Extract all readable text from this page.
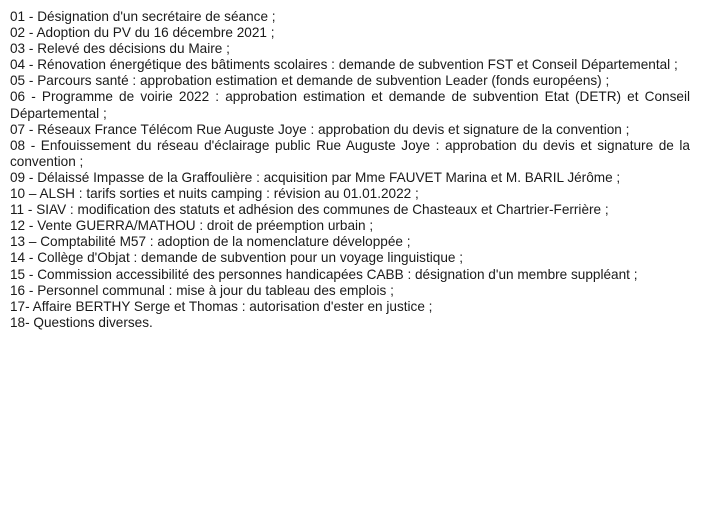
01 - Désignation d'un secrétaire de séance ;

02 - Adoption du PV du 16 décembre 2021 ;

03 - Relevé des décisions du Maire ;

04 - Rénovation énergétique des bâtiments scolaires : demande de subvention FST et Conseil Départemental ;

05 - Parcours santé : approbation estimation et demande de subvention Leader (fonds européens) ;

06 - Programme de voirie 2022 : approbation estimation et demande de subvention Etat (DETR) et Conseil Départemental ;

07 - Réseaux France Télécom Rue Auguste Joye : approbation du devis et signature de la convention ;

08 - Enfouissement du réseau d'éclairage public Rue Auguste Joye : approbation du devis et signature de la convention ;

09 - Délaissé Impasse de la Graffoulière : acquisition par Mme FAUVET Marina et M. BARIL Jérôme ;

10 – ALSH : tarifs sorties et nuits camping : révision au 01.01.2022 ;

11 - SIAV : modification des statuts et adhésion des communes de Chasteaux et Chartrier-Ferrière ;

12 - Vente GUERRA/MATHOU : droit de préemption urbain ;

13 – Comptabilité M57 : adoption de la nomenclature développée ;

14 - Collège d'Objat : demande de subvention pour un voyage linguistique ;

15 - Commission accessibilité des personnes handicapées CABB : désignation d'un membre suppléant ;

16 - Personnel communal : mise à jour du tableau des emplois ;

17- Affaire BERTHY Serge et Thomas : autorisation d'ester en justice ;

18- Questions diverses.
